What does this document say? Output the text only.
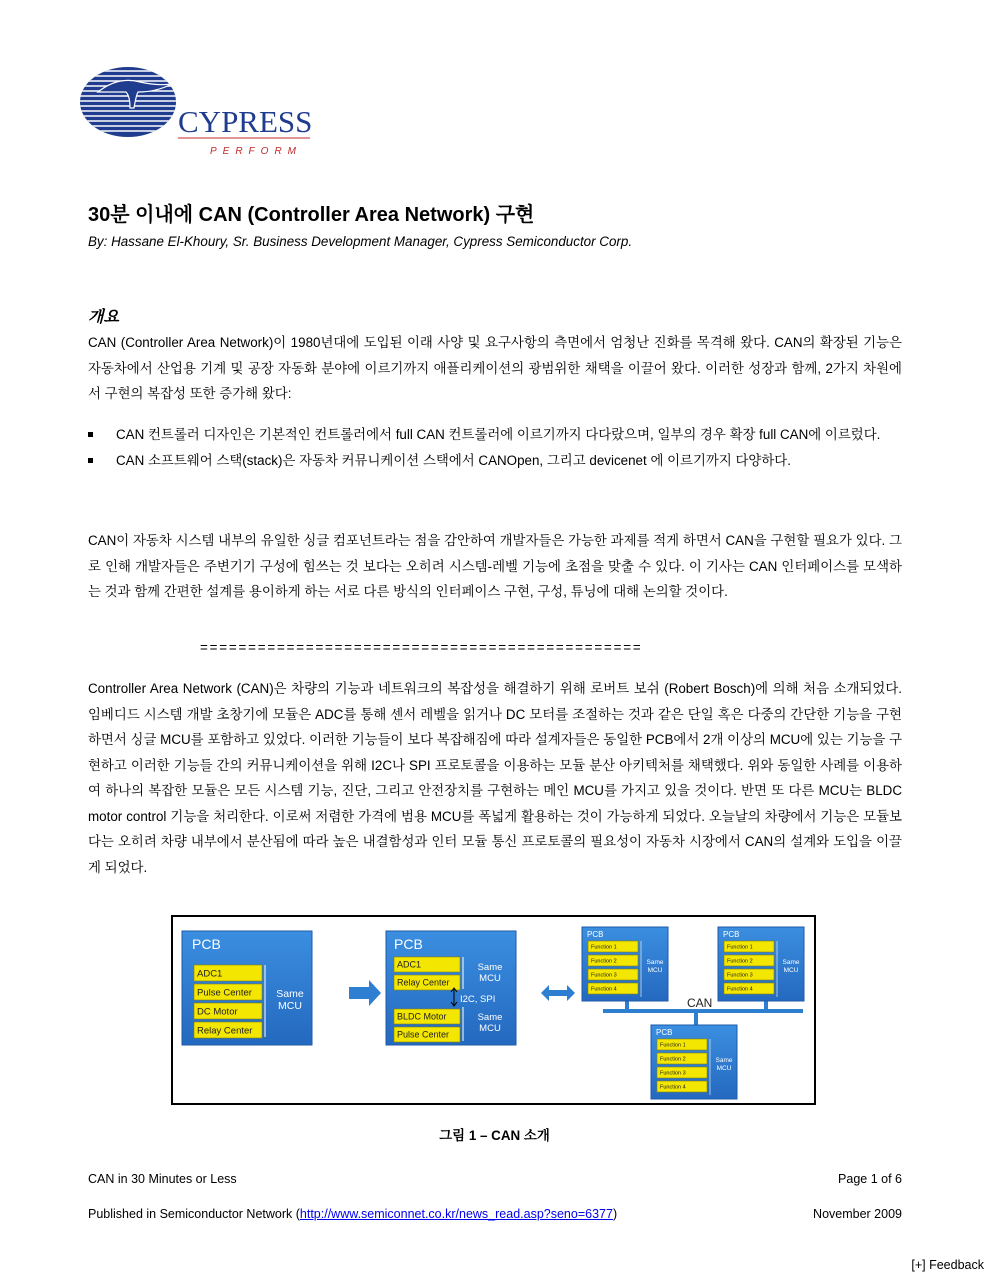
CYPRESS
PERFORM
30분 이내에 CAN (Controller Area Network) 구현

By: Hassane El-Khoury, Sr. Business Development Manager, Cypress Semiconductor Corp.

개요

CAN (Controller Area Network)이 1980년대에 도입된 이래 사양 및 요구사항의 측면에서 엄청난 진화를 목격해 왔다. CAN의 확장된 기능은 자동차에서 산업용 기계 및 공장 자동화 분야에 이르기까지 애플리케이션의 광범위한 채택을 이끌어 왔다. 이러한 성장과 함께, 2가지 차원에서 구현의 복잡성 또한 증가해 왔다:

CAN 컨트롤러 디자인은 기본적인 컨트롤러에서 full CAN 컨트롤러에 이르기까지 다다랐으며, 일부의 경우 확장 full CAN에 이르렀다.
CAN 소프트웨어 스택(stack)은 자동차 커뮤니케이션 스택에서 CANOpen, 그리고 devicenet 에 이르기까지 다양하다.

CAN이 자동차 시스템 내부의 유일한 싱글 컴포넌트라는 점을 감안하여 개발자들은 가능한 과제를 적게 하면서 CAN을 구현할 필요가 있다. 그로 인해 개발자들은 주변기기 구성에 힘쓰는 것 보다는 오히려 시스템-레벨 기능에 초점을 맞출 수 있다. 이 기사는 CAN 인터페이스를 모색하는 것과 함께 간편한 설계를 용이하게 하는 서로 다른 방식의 인터페이스 구현, 구성, 튜닝에 대해 논의할 것이다.

==============================================

Controller Area Network (CAN)은 차량의 기능과 네트워크의 복잡성을 해결하기 위해 로버트 보쉬 (Robert Bosch)에 의해 처음 소개되었다. 임베디드 시스템 개발 초창기에 모듈은 ADC를 통해 센서 레벨을 읽거나 DC 모터를 조절하는 것과 같은 단일 혹은 다중의 간단한 기능을 구현하면서 싱글 MCU를 포함하고 있었다. 이러한 기능들이 보다 복잡해짐에 따라 설계자들은 동일한 PCB에서 2개 이상의 MCU에 있는 기능을 구현하고 이러한 기능들 간의 커뮤니케이션을 위해 I2C나 SPI 프로토콜을 이용하는 모듈 분산 아키텍처를 채택했다. 위와 동일한 사례를 이용하여 하나의 복잡한 모듈은 모든 시스템 기능, 진단, 그리고 안전장치를 구현하는 메인 MCU를 가지고 있을 것이다. 반면 또 다른 MCU는 BLDC motor control 기능을 처리한다. 이로써 저렴한 가격에 범용 MCU를 폭넓게 활용하는 것이 가능하게 되었다. 오늘날의 차량에서 기능은 모듈보다는 오히려 차량 내부에서 분산됨에 따라 높은 내결함성과 인터 모듈 통신 프로토콜의 필요성이 자동차 시장에서 CAN의 설계와 도입을 이끌게 되었다.

PCB
ADC1
Pulse Center
DC Motor
Relay Center
Same MCU
PCB
ADC1
Relay Center
BLDC Motor
Pulse Center
Same MCU
Same MCU
I2C, SPI	CAN
PCB
Function 1
Function 2
Function 3
Function 4
Same MCU
PCB
Function 1
Function 2
Function 3
Function 4
Same MCU
PCB
Function 1
Function 2
Function 3
Function 4
Same MCU

그림 1 – CAN 소개

CAN in 30 Minutes or Less	Page 1 of 6

Published in Semiconductor Network (http://www.semiconnet.co.kr/news_read.asp?seno=6377)	November 2009

[+] Feedback
